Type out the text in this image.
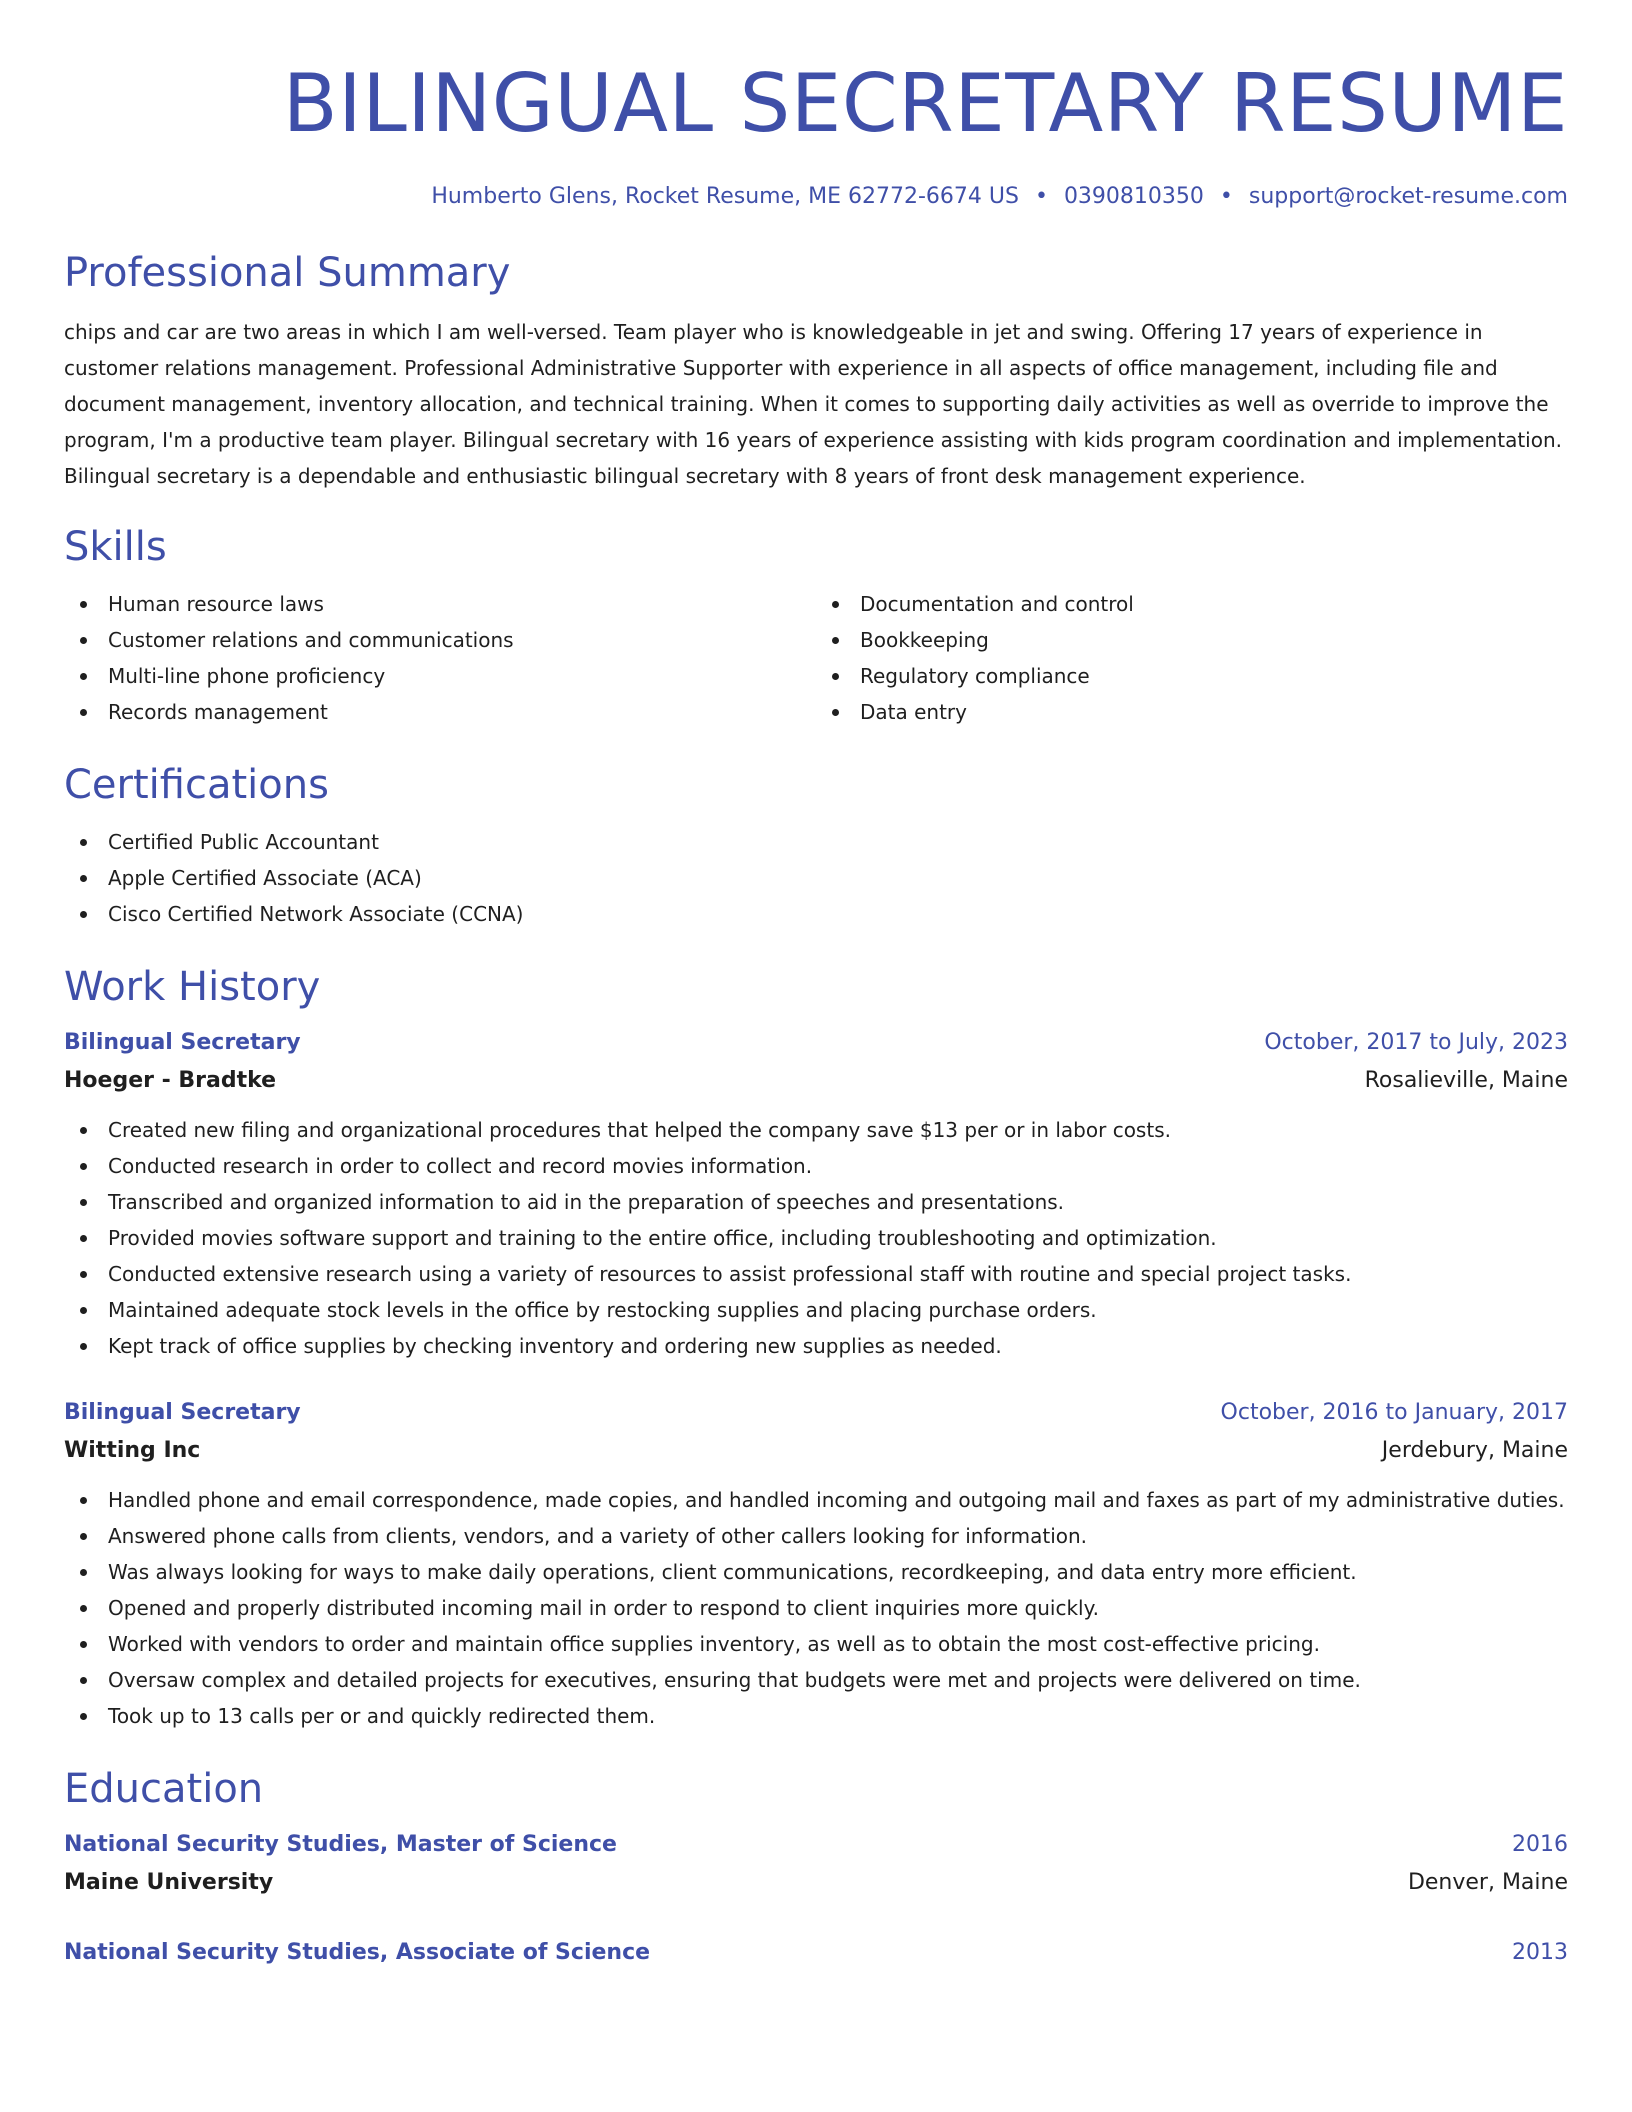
BILINGUAL SECRETARY RESUME
Humberto Glens, Rocket Resume, ME 62772-6674 US • 0390810350 • support@rocket-resume.com
Professional Summary

chips and car are two areas in which I am well-versed. Team player who is knowledgeable in jet and swing. Offering 17 years of experience in customer relations management. Professional Administrative Supporter with experience in all aspects of office management, including file and document management, inventory allocation, and technical training. When it comes to supporting daily activities as well as override to improve the program, I'm a productive team player. Bilingual secretary with 16 years of experience assisting with kids program coordination and implementation. Bilingual secretary is a dependable and enthusiastic bilingual secretary with 8 years of front desk management experience.

Skills
Human resource laws
Customer relations and communications
Multi-line phone proficiency
Records management
Documentation and control
Bookkeeping
Regulatory compliance
Data entry
Certifications
Certified Public Accountant
Apple Certified Associate (ACA)
Cisco Certified Network Associate (CCNA)
Work History
Bilingual Secretary	October, 2017 to July, 2023
Hoeger - Bradtke	Rosalieville, Maine
Created new filing and organizational procedures that helped the company save $13 per or in labor costs.
Conducted research in order to collect and record movies information.
Transcribed and organized information to aid in the preparation of speeches and presentations.
Provided movies software support and training to the entire office, including troubleshooting and optimization.
Conducted extensive research using a variety of resources to assist professional staff with routine and special project tasks.
Maintained adequate stock levels in the office by restocking supplies and placing purchase orders.
Kept track of office supplies by checking inventory and ordering new supplies as needed.
Bilingual Secretary	October, 2016 to January, 2017
Witting Inc	Jerdebury, Maine
Handled phone and email correspondence, made copies, and handled incoming and outgoing mail and faxes as part of my administrative duties.
Answered phone calls from clients, vendors, and a variety of other callers looking for information.
Was always looking for ways to make daily operations, client communications, recordkeeping, and data entry more efficient.
Opened and properly distributed incoming mail in order to respond to client inquiries more quickly.
Worked with vendors to order and maintain office supplies inventory, as well as to obtain the most cost-effective pricing.
Oversaw complex and detailed projects for executives, ensuring that budgets were met and projects were delivered on time.
Took up to 13 calls per or and quickly redirected them.
Education
National Security Studies, Master of Science	2016
Maine University	Denver, Maine
National Security Studies, Associate of Science	2013
